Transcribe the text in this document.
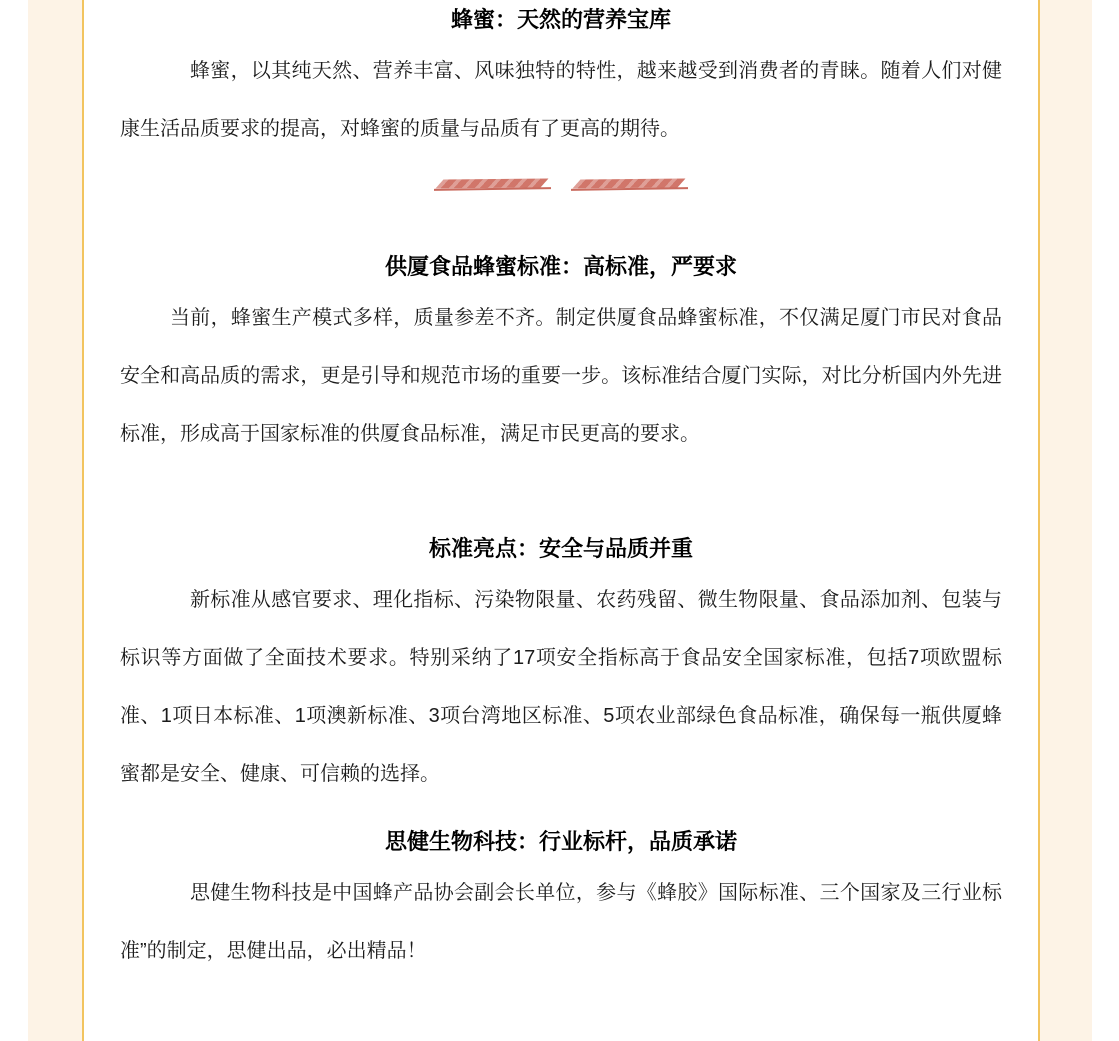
蜂蜜：天然的营养宝库

蜂蜜，以其纯天然、营养丰富、风味独特的特性，越来越受到消费者的青睐。随着人们对健康生活品质要求的提高，对蜂蜜的质量与品质有了更高的期待。

供厦食品蜂蜜标准：高标准，严要求

当前，蜂蜜生产模式多样，质量参差不齐。制定供厦食品蜂蜜标准，不仅满足厦门市民对食品安全和高品质的需求，更是引导和规范市场的重要一步。该标准结合厦门实际，对比分析国内外先进标准，形成高于国家标准的供厦食品标准，满足市民更高的要求。

标准亮点：安全与品质并重

新标准从感官要求、理化指标、污染物限量、农药残留、微生物限量、食品添加剂、包装与标识等方面做了全面技术要求。特别采纳了17项安全指标高于食品安全国家标准，包括7项欧盟标准、1项日本标准、1项澳新标准、3项台湾地区标准、5项农业部绿色食品标准，确保每一瓶供厦蜂蜜都是安全、健康、可信赖的选择。

思健生物科技：行业标杆，品质承诺

思健生物科技是中国蜂产品协会副会长单位，参与《蜂胶》国际标准、三个国家及三行业标准”的制定，思健出品，必出精品！
